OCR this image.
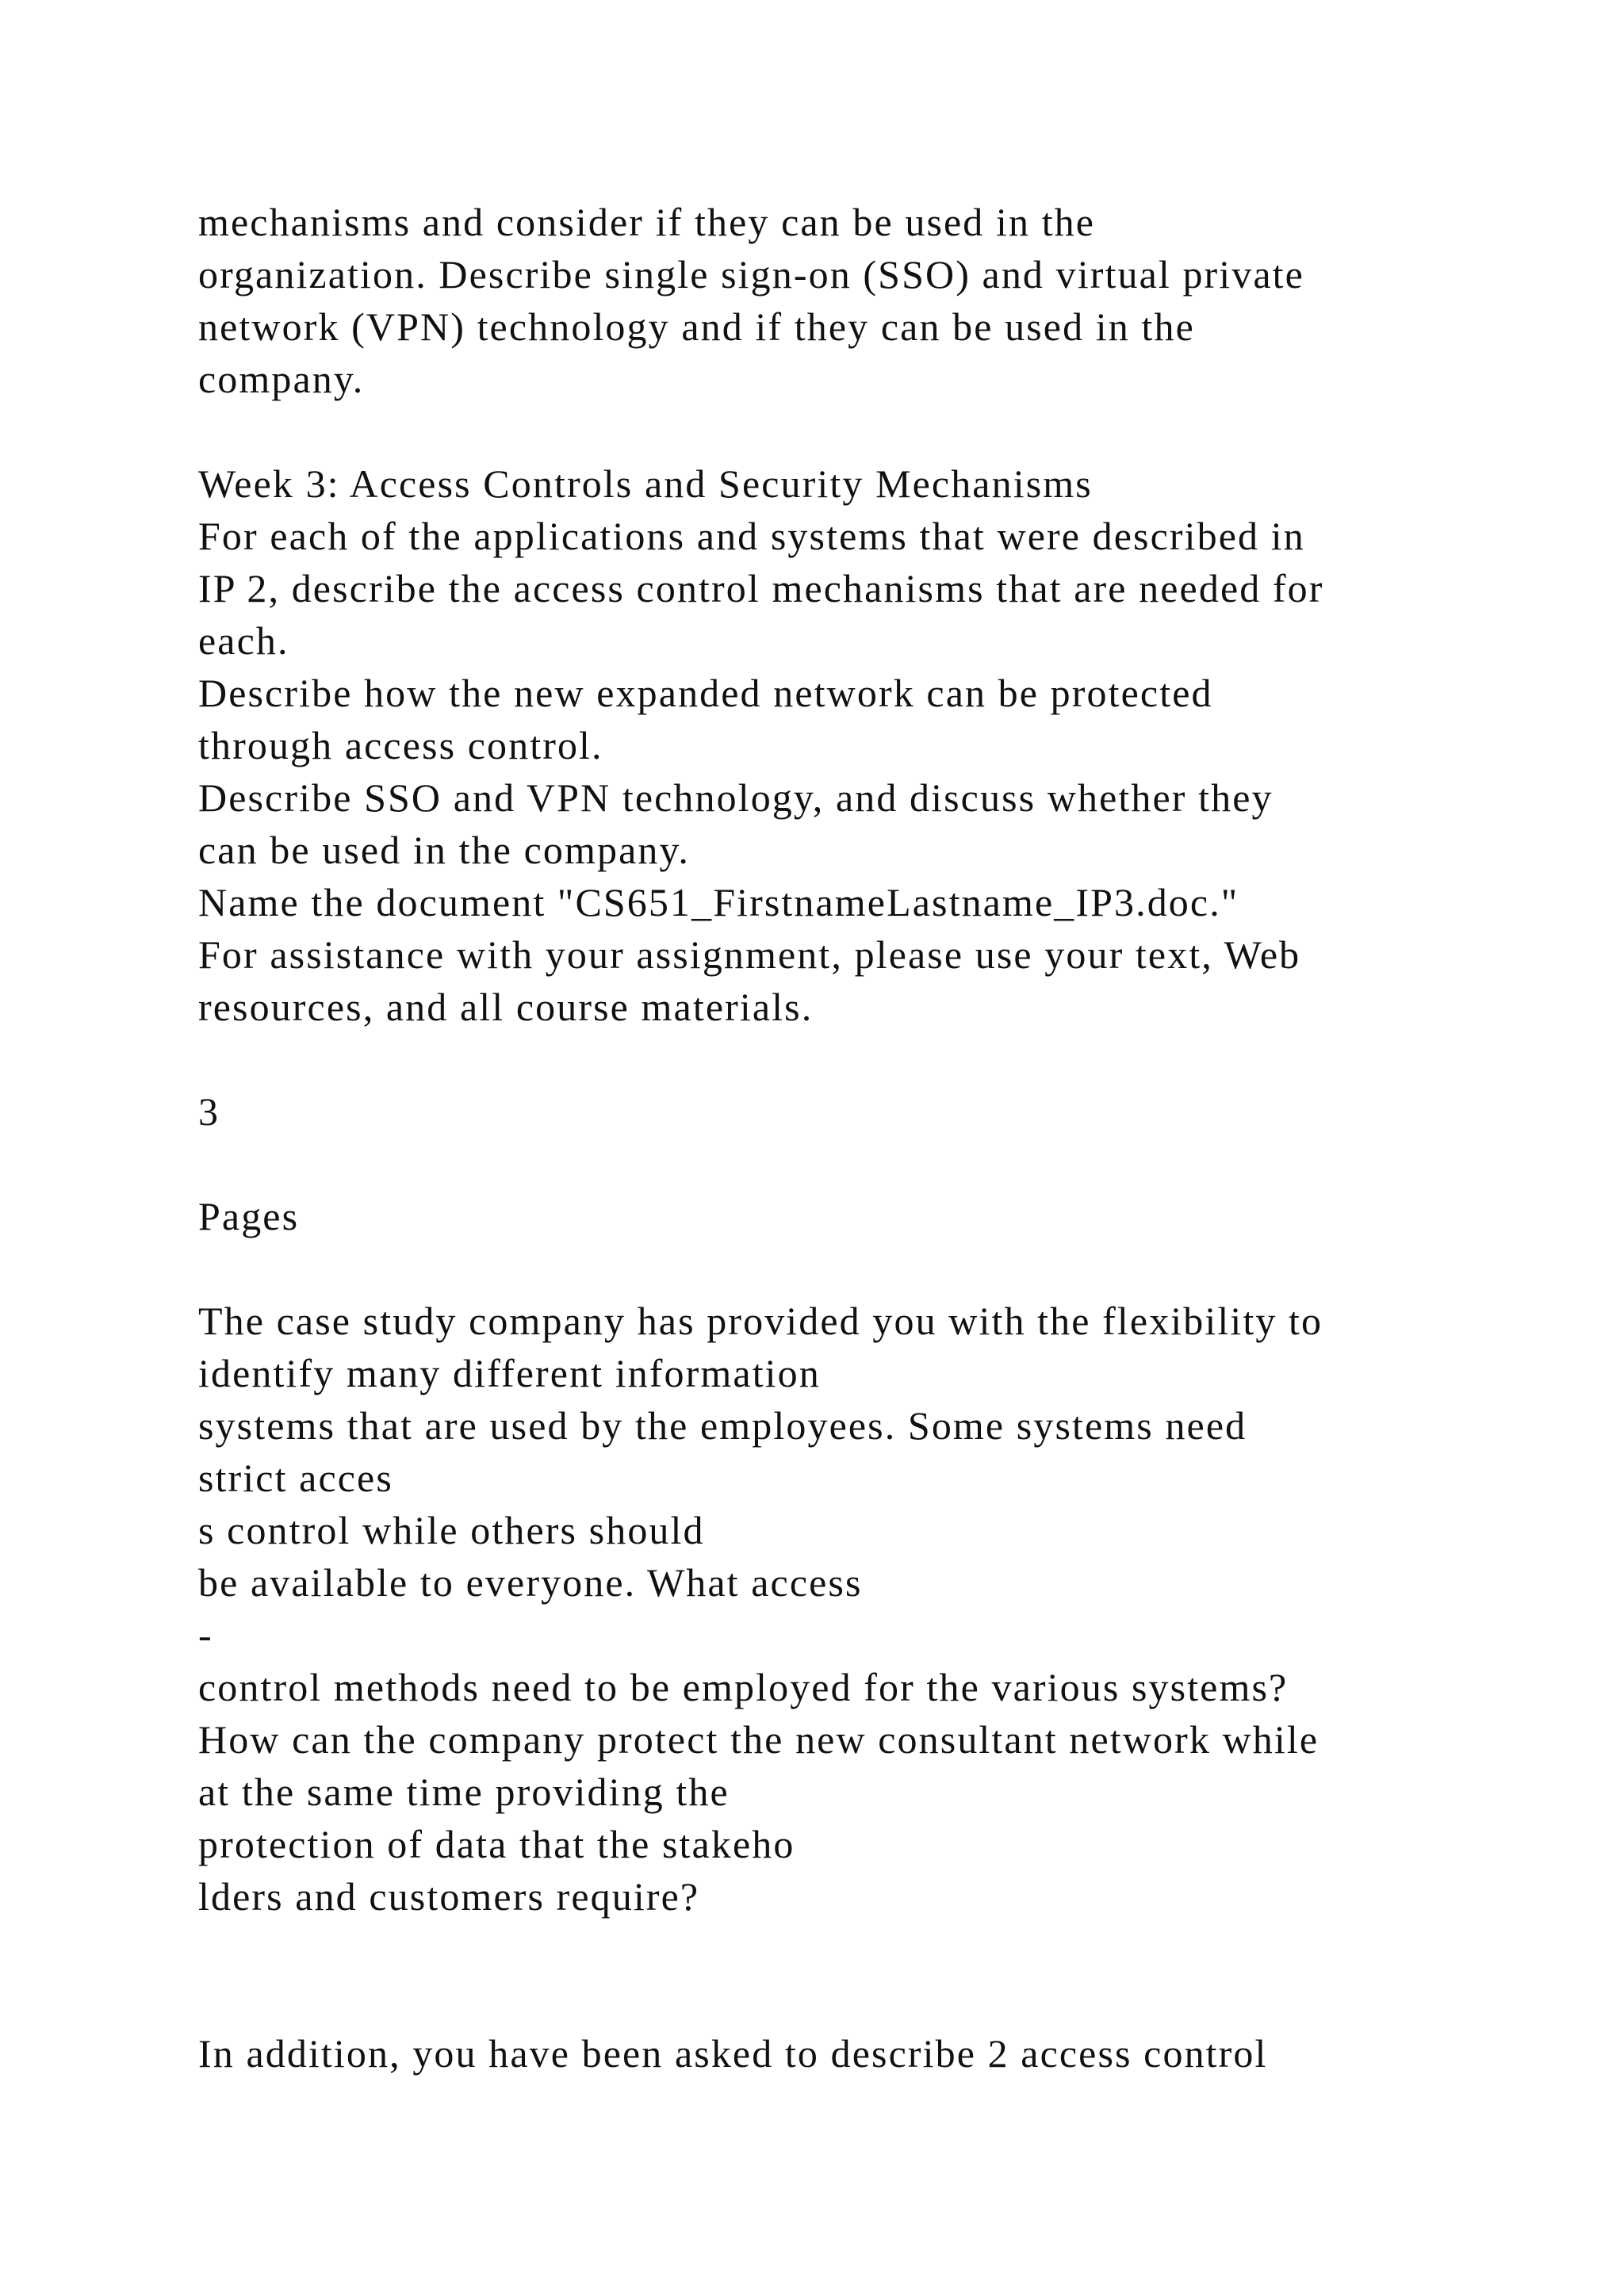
mechanisms and consider if they can be used in the
organization. Describe single sign-on (SSO) and virtual private
network (VPN) technology and if they can be used in the
company.
Week 3: Access Controls and Security Mechanisms
For each of the applications and systems that were described in
IP 2, describe the access control mechanisms that are needed for
each.
Describe how the new expanded network can be protected
through access control.
Describe SSO and VPN technology, and discuss whether they
can be used in the company.
Name the document "CS651_FirstnameLastname_IP3.doc."
For assistance with your assignment, please use your text, Web
resources, and all course materials.
3
Pages
The case study company has provided you with the flexibility to
identify many different information
systems that are used by the employees. Some systems need
strict acces
s control while others should
be available to everyone. What access
-
control methods need to be employed for the various systems?
How can the company protect the new consultant network while
at the same time providing the
protection of data that the stakeho
lders and customers require?
In addition, you have been asked to describe 2 access control
